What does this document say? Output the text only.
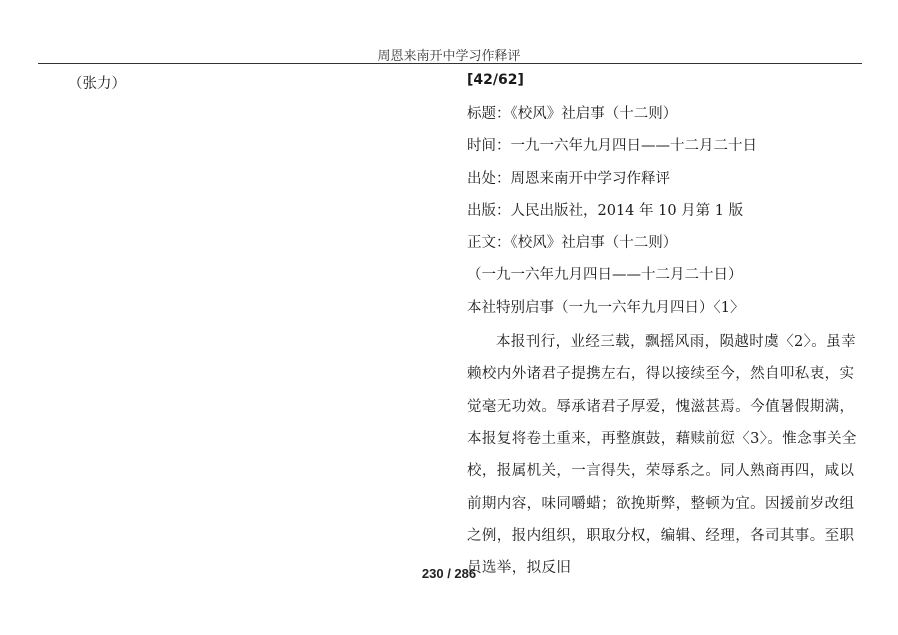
周恩来南开中学习作释评
（张力）	[42/62]
标题：《校风》社启事（十二则）
时间：一九一六年九月四日——十二月二十日
出处：周恩来南开中学习作释评
出版：人民出版社，2014 年 10 月第 1 版
正文：《校风》社启事（十二则）
（一九一六年九月四日——十二月二十日）
本社特别启事（一九一六年九月四日）〈1〉
本报刊行，业经三载，飘摇风雨，陨越时虞〈2〉。虽幸赖校内外诸君子提携左右，得以接续至今，然自叩私衷，实觉毫无功效。辱承诸君子厚爱，愧滋甚焉。今值暑假期满，本报复将卷土重来，再整旗鼓，藉赎前愆〈3〉。惟念事关全校，报属机关，一言得失，荣辱系之。同人熟商再四，咸以前期内容，味同嚼蜡；欲挽斯弊，整顿为宜。因援前岁改组之例，报内组织，职取分权，编辑、经理，各司其事。至职员选举，拟反旧
230 / 286
